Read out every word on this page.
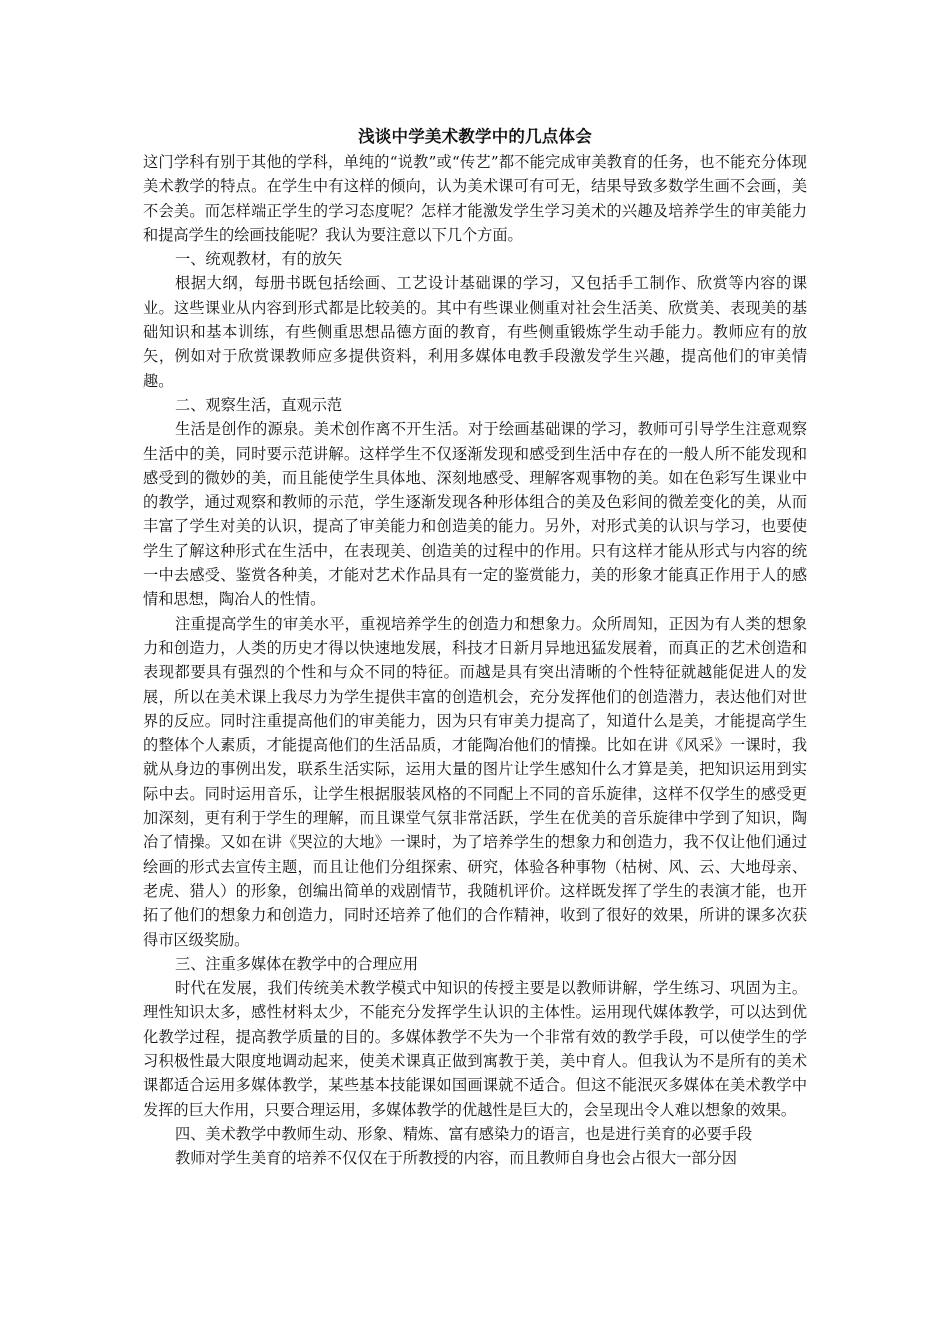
浅谈中学美术教学中的几点体会

这门学科有别于其他的学科，单纯的“说教”或“传艺”都不能完成审美教育的任务，也不能充分体现美术教学的特点。在学生中有这样的倾向，认为美术课可有可无，结果导致多数学生画不会画，美不会美。而怎样端正学生的学习态度呢？怎样才能激发学生学习美术的兴趣及培养学生的审美能力和提高学生的绘画技能呢？我认为要注意以下几个方面。

一、统观教材，有的放矢

根据大纲，每册书既包括绘画、工艺设计基础课的学习，又包括手工制作、欣赏等内容的课业。这些课业从内容到形式都是比较美的。其中有些课业侧重对社会生活美、欣赏美、表现美的基础知识和基本训练，有些侧重思想品德方面的教育，有些侧重锻炼学生动手能力。教师应有的放矢，例如对于欣赏课教师应多提供资料，利用多媒体电教手段激发学生兴趣，提高他们的审美情趣。

二、观察生活，直观示范

生活是创作的源泉。美术创作离不开生活。对于绘画基础课的学习，教师可引导学生注意观察生活中的美，同时要示范讲解。这样学生不仅逐渐发现和感受到生活中存在的一般人所不能发现和感受到的微妙的美，而且能使学生具体地、深刻地感受、理解客观事物的美。如在色彩写生课业中的教学，通过观察和教师的示范，学生逐渐发现各种形体组合的美及色彩间的微差变化的美，从而丰富了学生对美的认识，提高了审美能力和创造美的能力。另外，对形式美的认识与学习，也要使学生了解这种形式在生活中，在表现美、创造美的过程中的作用。只有这样才能从形式与内容的统一中去感受、鉴赏各种美，才能对艺术作品具有一定的鉴赏能力，美的形象才能真正作用于人的感情和思想，陶冶人的性情。

注重提高学生的审美水平，重视培养学生的创造力和想象力。众所周知，正因为有人类的想象力和创造力，人类的历史才得以快速地发展，科技才日新月异地迅猛发展着，而真正的艺术创造和表现都要具有强烈的个性和与众不同的特征。而越是具有突出清晰的个性特征就越能促进人的发展，所以在美术课上我尽力为学生提供丰富的创造机会，充分发挥他们的创造潜力，表达他们对世界的反应。同时注重提高他们的审美能力，因为只有审美力提高了，知道什么是美，才能提高学生的整体个人素质，才能提高他们的生活品质，才能陶冶他们的情操。比如在讲《风采》一课时，我就从身边的事例出发，联系生活实际，运用大量的图片让学生感知什么才算是美，把知识运用到实际中去。同时运用音乐，让学生根据服装风格的不同配上不同的音乐旋律，这样不仅学生的感受更加深刻，更有利于学生的理解，而且课堂气氛非常活跃，学生在优美的音乐旋律中学到了知识，陶冶了情操。又如在讲《哭泣的大地》一课时，为了培养学生的想象力和创造力，我不仅让他们通过绘画的形式去宣传主题，而且让他们分组探索、研究，体验各种事物（枯树、风、云、大地母亲、老虎、猎人）的形象，创编出简单的戏剧情节，我随机评价。这样既发挥了学生的表演才能，也开拓了他们的想象力和创造力，同时还培养了他们的合作精神，收到了很好的效果，所讲的课多次获得市区级奖励。

三、注重多媒体在教学中的合理应用

时代在发展，我们传统美术教学模式中知识的传授主要是以教师讲解，学生练习、巩固为主。理性知识太多，感性材料太少，不能充分发挥学生认识的主体性。运用现代媒体教学，可以达到优化教学过程，提高教学质量的目的。多媒体教学不失为一个非常有效的教学手段，可以使学生的学习积极性最大限度地调动起来，使美术课真正做到寓教于美，美中育人。但我认为不是所有的美术课都适合运用多媒体教学，某些基本技能课如国画课就不适合。但这不能泯灭多媒体在美术教学中发挥的巨大作用，只要合理运用，多媒体教学的优越性是巨大的，会呈现出令人难以想象的效果。

四、美术教学中教师生动、形象、精炼、富有感染力的语言，也是进行美育的必要手段

教师对学生美育的培养不仅仅在于所教授的内容，而且教师自身也会占很大一部分因
